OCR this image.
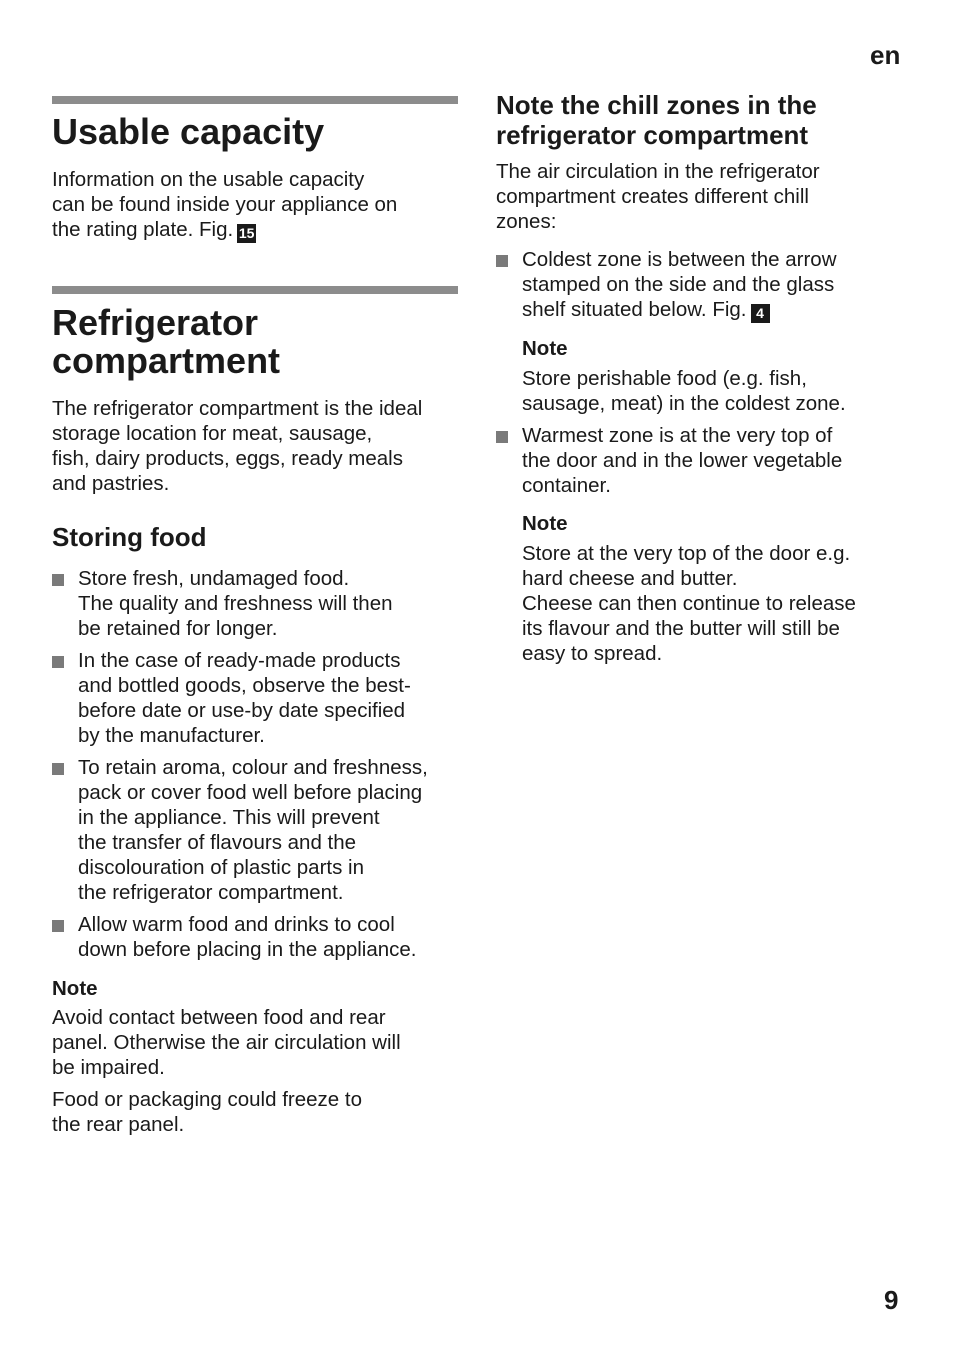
en
Usable capacity
Information on the usable capacity
can be found inside your appliance on
the rating plate. Fig. 15
Refrigerator
compartment
The refrigerator compartment is the ideal
storage location for meat, sausage,
fish, dairy products, eggs, ready meals
and pastries.
Storing food
Store fresh, undamaged food.
The quality and freshness will then
be retained for longer.
In the case of ready-made products
and bottled goods, observe the best-
before date or use-by date specified
by the manufacturer.
To retain aroma, colour and freshness,
pack or cover food well before placing
in the appliance. This will prevent
the transfer of flavours and the
discolouration of plastic parts in
the refrigerator compartment.
Allow warm food and drinks to cool
down before placing in the appliance.
Note
Avoid contact between food and rear
panel. Otherwise the air circulation will
be impaired.
Food or packaging could freeze to
the rear panel.
Note the chill zones in the
refrigerator compartment
The air circulation in the refrigerator
compartment creates different chill
zones:
Coldest zone is between the arrow
stamped on the side and the glass
shelf situated below. Fig. 4
Note
Store perishable food (e.g. fish,
sausage, meat) in the coldest zone.
Warmest zone is at the very top of
the door and in the lower vegetable
container.
Note
Store at the very top of the door e.g.
hard cheese and butter.
Cheese can then continue to release
its flavour and the butter will still be
easy to spread.
9
